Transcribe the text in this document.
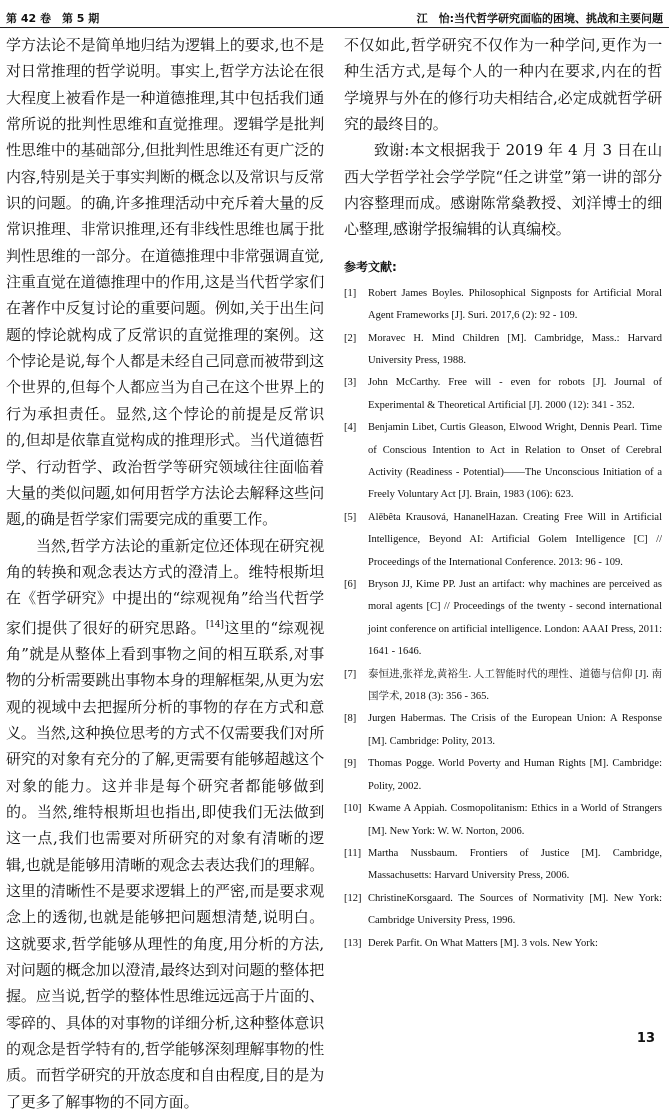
第 42 卷　第 5 期	江　怡:当代哲学研究面临的困境、挑战和主要问题

学方法论不是简单地归结为逻辑上的要求,也不是对日常推理的哲学说明。事实上,哲学方法论在很大程度上被看作是一种道德推理,其中包括我们通常所说的批判性思维和直觉推理。逻辑学是批判性思维中的基础部分,但批判性思维还有更广泛的内容,特别是关于事实判断的概念以及常识与反常识的问题。的确,许多推理活动中充斥着大量的反常识推理、非常识推理,还有非线性思维也属于批判性思维的一部分。在道德推理中非常强调直觉,注重直觉在道德推理中的作用,这是当代哲学家们在著作中反复讨论的重要问题。例如,关于出生问题的悖论就构成了反常识的直觉推理的案例。这个悖论是说,每个人都是未经自己同意而被带到这个世界的,但每个人都应当为自己在这个世界上的行为承担责任。显然,这个悖论的前提是反常识的,但却是依靠直觉构成的推理形式。当代道德哲学、行动哲学、政治哲学等研究领域往往面临着大量的类似问题,如何用哲学方法论去解释这些问题,的确是哲学家们需要完成的重要工作。

当然,哲学方法论的重新定位还体现在研究视角的转换和观念表达方式的澄清上。维特根斯坦在《哲学研究》中提出的“综观视角”给当代哲学家们提供了很好的研究思路。[14]这里的“综观视角”就是从整体上看到事物之间的相互联系,对事物的分析需要跳出事物本身的理解框架,从更为宏观的视域中去把握所分析的事物的存在方式和意义。当然,这种换位思考的方式不仅需要我们对所研究的对象有充分的了解,更需要有能够超越这个对象的能力。这并非是每个研究者都能够做到的。当然,维特根斯坦也指出,即使我们无法做到这一点,我们也需要对所研究的对象有清晰的逻辑,也就是能够用清晰的观念去表达我们的理解。这里的清晰性不是要求逻辑上的严密,而是要求观念上的透彻,也就是能够把问题想清楚,说明白。这就要求,哲学能够从理性的角度,用分析的方法,对问题的概念加以澄清,最终达到对问题的整体把握。应当说,哲学的整体性思维远远高于片面的、零碎的、具体的对事物的详细分析,这种整体意识的观念是哲学特有的,哲学能够深刻理解事物的性质。而哲学研究的开放态度和自由程度,目的是为了更多了解事物的不同方面。

不仅如此,哲学研究不仅作为一种学问,更作为一种生活方式,是每个人的一种内在要求,内在的哲学境界与外在的修行功夫相结合,必定成就哲学研究的最终目的。

致谢:本文根据我于 2019 年 4 月 3 日在山西大学哲学社会学学院“任之讲堂”第一讲的部分内容整理而成。感谢陈常燊教授、刘洋博士的细心整理,感谢学报编辑的认真编校。

参考文献:

[1] Robert James Boyles. Philosophical Signposts for Artificial Moral Agent Frameworks [J]. Suri. 2017,6 (2): 92 - 109.

[2] Moravec H. Mind Children [M]. Cambridge, Mass.: Harvard University Press, 1988.

[3] John McCarthy. Free will - even for robots [J]. Journal of Experimental & Theoretical Artificial [J]. 2000 (12): 341 - 352.

[4] Benjamin Libet, Curtis Gleason, Elwood Wright, Dennis Pearl. Time of Conscious Intention to Act in Relation to Onset of Cerebral Activity (Readiness - Potential)——The Unconscious Initiation of a Freely Voluntary Act [J]. Brain, 1983 (106): 623.

[5] Alēbêta Krausová, HananelHazan. Creating Free Will in Artificial Intelligence, Beyond AI: Artificial Golem Intelligence [C] // Proceedings of the International Conference. 2013: 96 - 109.

[6] Bryson JJ, Kime PP. Just an artifact: why machines are perceived as moral agents [C] // Proceedings of the twenty - second international joint conference on artificial intelligence. London: AAAI Press, 2011: 1641 - 1646.

[7] 泰恒进,张祥龙,黄裕生. 人工智能时代的理性、道德与信仰 [J]. 南国学术, 2018 (3): 356 - 365.

[8] Jurgen Habermas. The Crisis of the European Union: A Response [M]. Cambridge: Polity, 2013.

[9] Thomas Pogge. World Poverty and Human Rights [M]. Cambridge: Polity, 2002.

[10] Kwame A Appiah. Cosmopolitanism: Ethics in a World of Strangers [M]. New York: W. W. Norton, 2006.

[11] Martha Nussbaum. Frontiers of Justice [M]. Cambridge, Massachusetts: Harvard University Press, 2006.

[12] ChristineKorsgaard. The Sources of Normativity [M]. New York: Cambridge University Press, 1996.

[13] Derek Parfit. On What Matters [M]. 3 vols. New York:

13
